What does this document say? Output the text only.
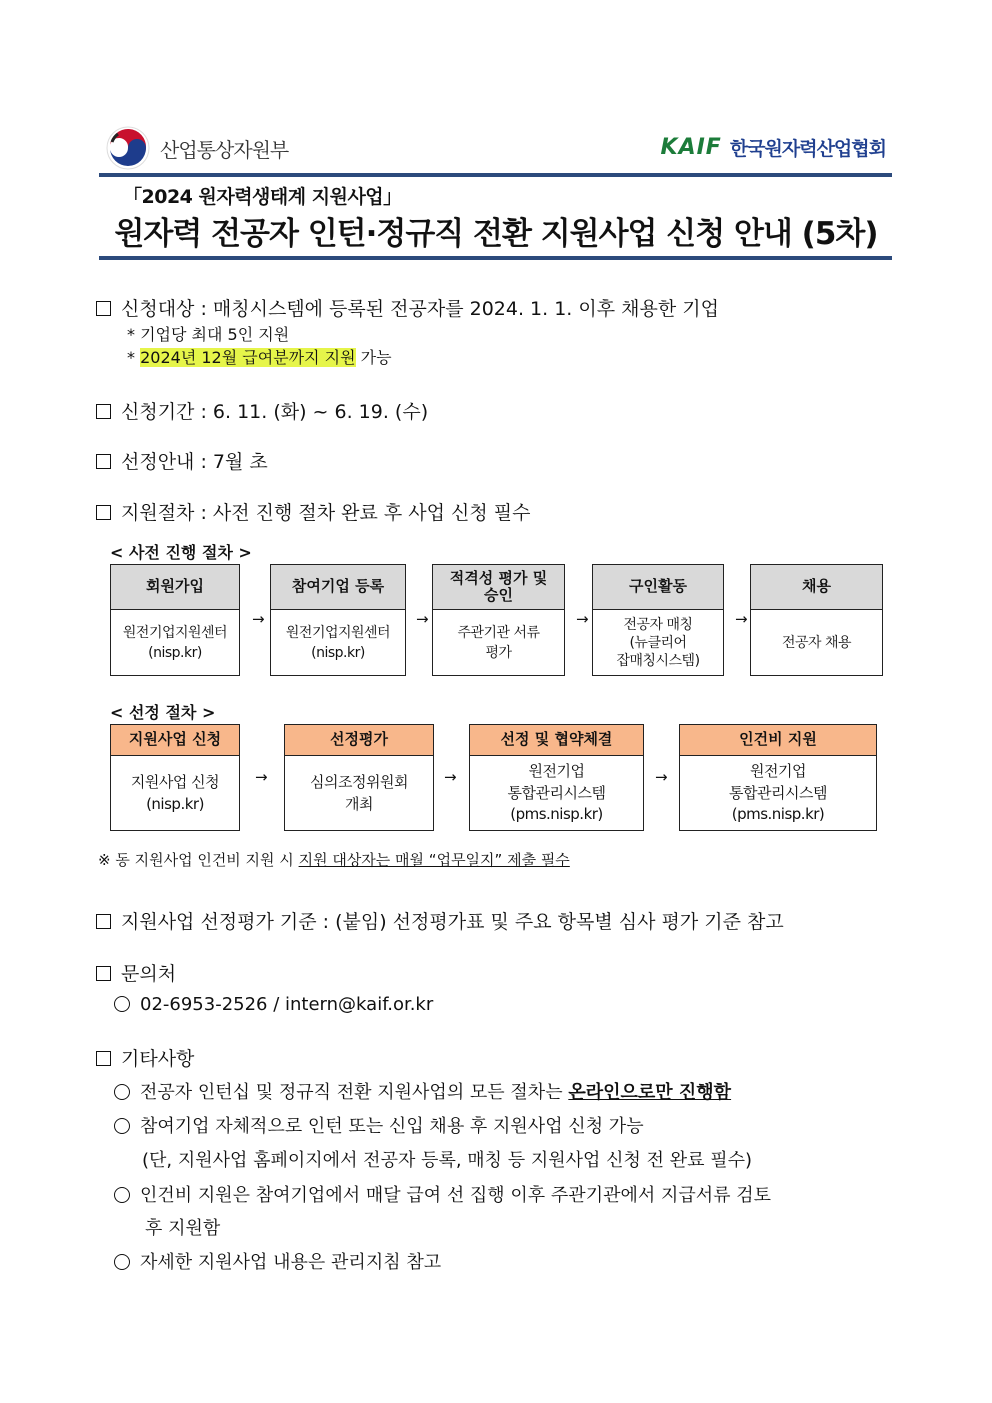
산업통상자원부	KAIF 한국원자력산업협회
「2024 원자력생태계 지원사업」
원자력 전공자 인턴·정규직 전환 지원사업 신청 안내 (5차)
신청대상 : 매칭시스템에 등록된 전공자를 2024. 1. 1. 이후 채용한 기업
* 기업당 최대 5인 지원
* 2024년 12월 급여분까지 지원 가능
신청기간 : 6. 11. (화) ~ 6. 19. (수)
선정안내 : 7월 초
지원절차 : 사전 진행 절차 완료 후 사업 신청 필수
< 사전 진행 절차 >
회원가입
원전기업지원센터
(nisp.kr)
→
참여기업 등록
원전기업지원센터
(nisp.kr)
→
적격성 평가 및
승인
주관기관 서류
평가
→
구인활동
전공자 매칭
(뉴클리어
잡매칭시스템)
→
채용
전공자 채용
< 선정 절차 >
지원사업 신청
지원사업 신청
(nisp.kr)
→
선정평가
심의조정위원회
개최
→
선정 및 협약체결
원전기업
통합관리시스템
(pms.nisp.kr)
→
인건비 지원
원전기업
통합관리시스템
(pms.nisp.kr)
※ 동 지원사업 인건비 지원 시 지원 대상자는 매월 “업무일지” 제출 필수
지원사업 선정평가 기준 : (붙임) 선정평가표 및 주요 항목별 심사 평가 기준 참고
문의처
02-6953-2526 / intern@kaif.or.kr
기타사항
전공자 인턴십 및 정규직 전환 지원사업의 모든 절차는 온라인으로만 진행함
참여기업 자체적으로 인턴 또는 신입 채용 후 지원사업 신청 가능
(단, 지원사업 홈페이지에서 전공자 등록, 매칭 등 지원사업 신청 전 완료 필수)
인건비 지원은 참여기업에서 매달 급여 선 집행 이후 주관기관에서 지급서류 검토
후 지원함
자세한 지원사업 내용은 관리지침 참고
